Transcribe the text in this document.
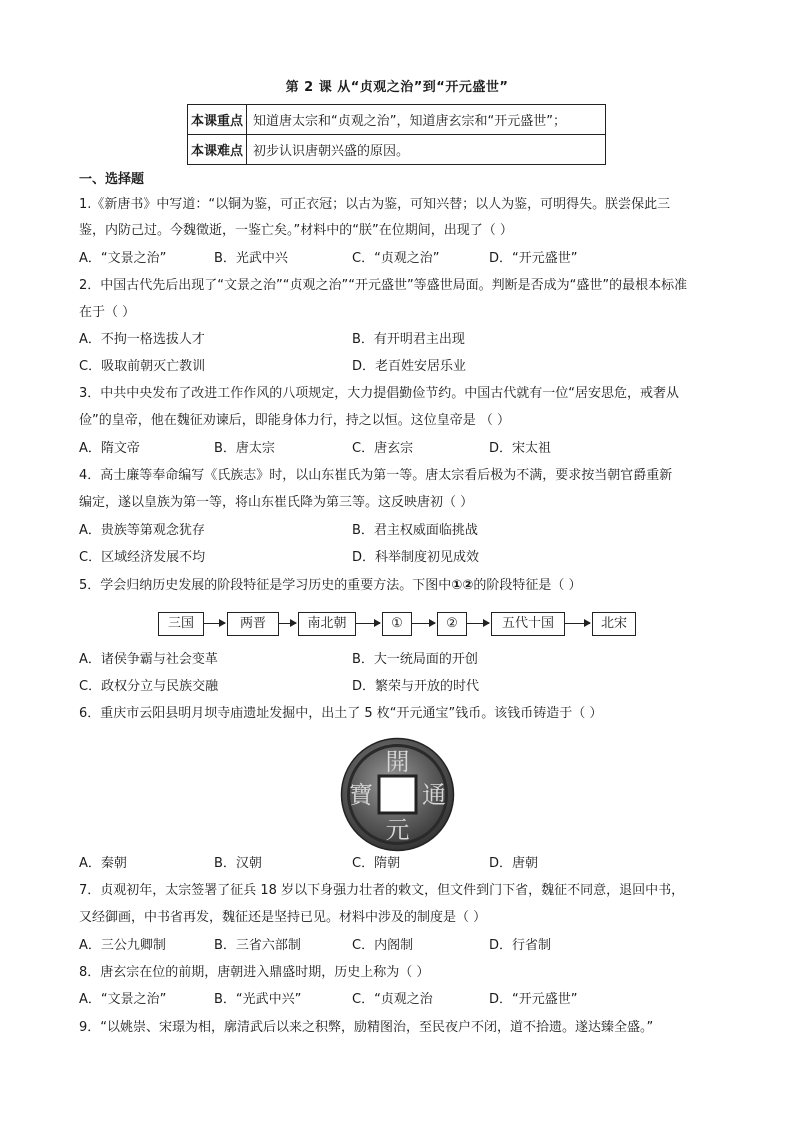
第 2 课 从“贞观之治”到“开元盛世”
本课重点	知道唐太宗和“贞观之治”，知道唐玄宗和“开元盛世”；
本课难点	初步认识唐朝兴盛的原因。
一、选择题
1.《新唐书》中写道：“以铜为鉴，可正衣冠；以古为鉴，可知兴替；以人为鉴，可明得失。朕尝保此三
鉴，内防己过。今魏徵逝，一鉴亡矣。”材料中的“朕”在位期间，出现了（ ）
A．“文景之治”	B．光武中兴	C．“贞观之治”	D．“开元盛世”
2．中国古代先后出现了“文景之治”“贞观之治”“开元盛世”等盛世局面。判断是否成为“盛世”的最根本标准
在于（ ）
A．不拘一格选拔人才	B．有开明君主出现
C．吸取前朝灭亡教训	D．老百姓安居乐业
3．中共中央发布了改进工作作风的八项规定，大力提倡勤俭节约。中国古代就有一位“居安思危，戒奢从
俭”的皇帝，他在魏征劝谏后，即能身体力行，持之以恒。这位皇帝是 （ ）
A．隋文帝	B．唐太宗	C．唐玄宗	D．宋太祖
4．高士廉等奉命编写《氏族志》时，以山东崔氏为第一等。唐太宗看后极为不满，要求按当朝官爵重新
编定，遂以皇族为第一等，将山东崔氏降为第三等。这反映唐初（ ）
A．贵族等第观念犹存	B．君主权威面临挑战
C．区域经济发展不均	D．科举制度初见成效
5．学会归纳历史发展的阶段特征是学习历史的重要方法。下图中①②的阶段特征是（ ）
三国	两晋	南北朝	①	②	五代十国	北宋
A．诸侯争霸与社会变革	B．大一统局面的开创
C．政权分立与民族交融	D．繁荣与开放的时代
6．重庆市云阳县明月坝寺庙遗址发掘中，出土了 5 枚“开元通宝”钱币。该钱币铸造于（ ）
開
元
通
寶
A．秦朝	B．汉朝	C．隋朝	D．唐朝
7．贞观初年，太宗签署了征兵 18 岁以下身强力壮者的敕文，但文件到门下省，魏征不同意，退回中书，
又经御画，中书省再发，魏征还是坚持已见。材料中涉及的制度是（ ）
A．三公九卿制	B．三省六部制	C．内阁制	D．行省制
8．唐玄宗在位的前期，唐朝进入鼎盛时期，历史上称为（ ）
A．“文景之治”	B．“光武中兴”	C．“贞观之治	D．“开元盛世”
9．“以姚崇、宋璟为相，廓清武后以来之积弊，励精图治，至民夜户不闭，道不拾遗。遂达臻全盛。”
